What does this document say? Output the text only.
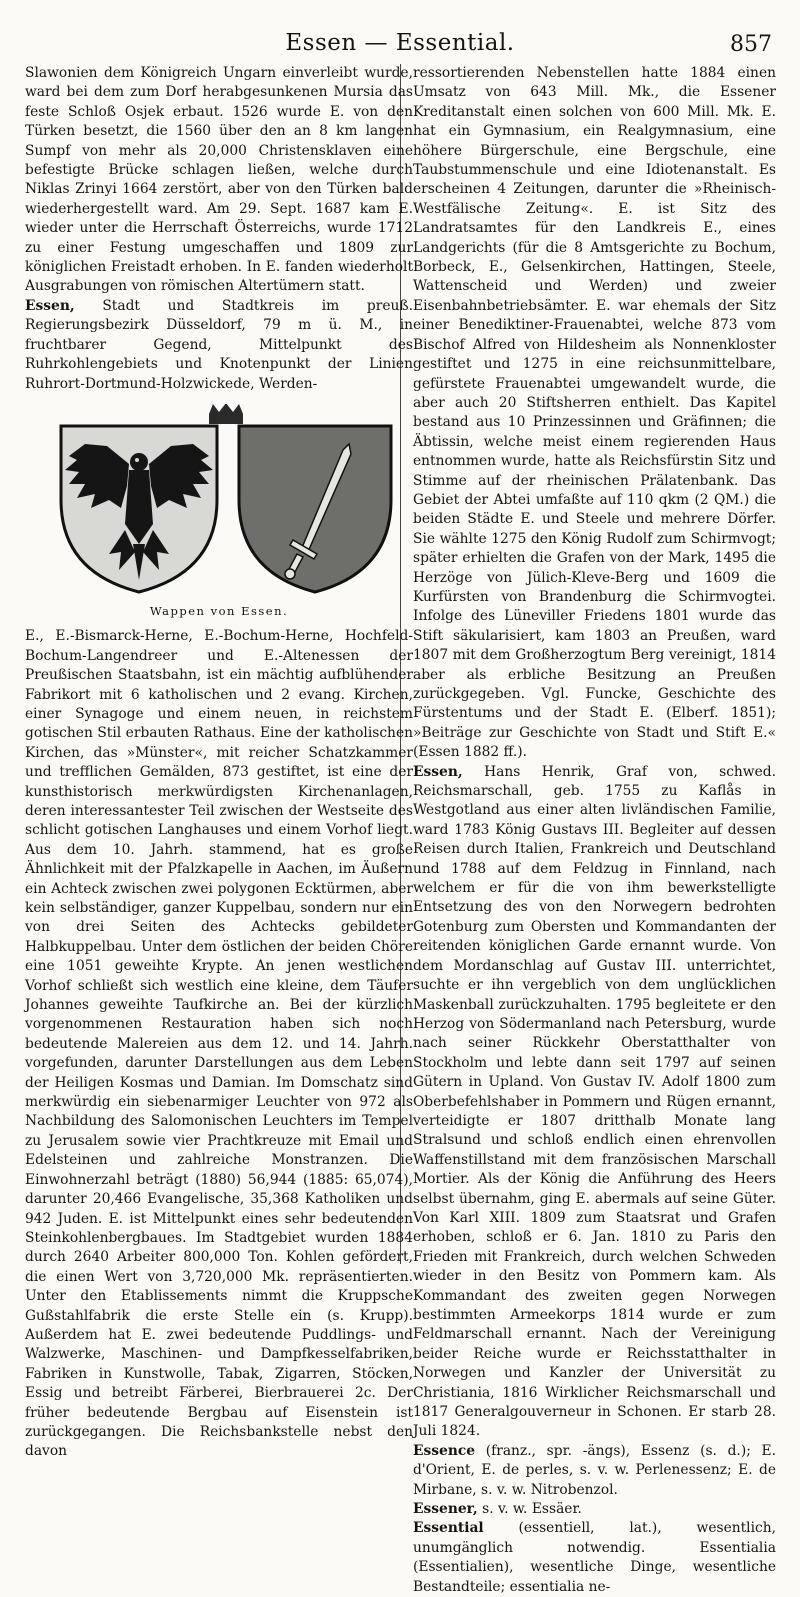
Essen — Essential.	857

Slawonien dem Königreich Ungarn einverleibt wurde, ward bei dem zum Dorf herabgesunkenen Mursia das feste Schloß Osjek erbaut. 1526 wurde E. von den Türken besetzt, die 1560 über den an 8 km langen Sumpf von mehr als 20,000 Christensklaven eine befestigte Brücke schlagen ließen, welche durch Niklas Zrinyi 1664 zerstört, aber von den Türken bald wiederhergestellt ward. Am 29. Sept. 1687 kam E. wieder unter die Herrschaft Österreichs, wurde 1712 zu einer Festung umgeschaffen und 1809 zur königlichen Freistadt erhoben. In E. fanden wiederholt Ausgrabungen von römischen Altertümern statt.

Essen, Stadt und Stadtkreis im preuß. Regierungsbezirk Düsseldorf, 79 m ü. M., in fruchtbarer Gegend, Mittelpunkt des Ruhrkohlengebiets und Knotenpunkt der Linien Ruhrort-Dortmund-Holzwickede, Werden-

Wappen von Essen.

E., E.-Bismarck-Herne, E.-Bochum-Herne, Hochfeld-Bochum-Langendreer und E.-Altenessen der Preußischen Staatsbahn, ist ein mächtig aufblühender Fabrikort mit 6 katholischen und 2 evang. Kirchen, einer Synagoge und einem neuen, in reichstem gotischen Stil erbauten Rathaus. Eine der katholischen Kirchen, das »Münster«, mit reicher Schatzkammer und trefflichen Gemälden, 873 gestiftet, ist eine der kunsthistorisch merkwürdigsten Kirchenanlagen, deren interessantester Teil zwischen der Westseite des schlicht gotischen Langhauses und einem Vorhof liegt. Aus dem 10. Jahrh. stammend, hat es große Ähnlichkeit mit der Pfalzkapelle in Aachen, im Äußern ein Achteck zwischen zwei polygonen Ecktürmen, aber kein selbständiger, ganzer Kuppelbau, sondern nur ein von drei Seiten des Achtecks gebildeter Halbkuppelbau. Unter dem östlichen der beiden Chöre eine 1051 geweihte Krypte. An jenen westlichen Vorhof schließt sich westlich eine kleine, dem Täufer Johannes geweihte Taufkirche an. Bei der kürzlich vorgenommenen Restauration haben sich noch bedeutende Malereien aus dem 12. und 14. Jahrh. vorgefunden, darunter Darstellungen aus dem Leben der Heiligen Kosmas und Damian. Im Domschatz sind merkwürdig ein siebenarmiger Leuchter von 972 als Nachbildung des Salomonischen Leuchters im Tempel zu Jerusalem sowie vier Prachtkreuze mit Email und Edelsteinen und zahlreiche Monstranzen. Die Einwohnerzahl beträgt (1880) 56,944 (1885: 65,074), darunter 20,466 Evangelische, 35,368 Katholiken und 942 Juden. E. ist Mittelpunkt eines sehr bedeutenden Steinkohlenbergbaues. Im Stadtgebiet wurden 1884 durch 2640 Arbeiter 800,000 Ton. Kohlen gefördert, die einen Wert von 3,720,000 Mk. repräsentierten. Unter den Etablissements nimmt die Kruppsche Gußstahlfabrik die erste Stelle ein (s. Krupp). Außerdem hat E. zwei bedeutende Puddlings- und Walzwerke, Maschinen- und Dampfkesselfabriken, Fabriken in Kunstwolle, Tabak, Zigarren, Stöcken, Essig und betreibt Färberei, Bierbrauerei 2c. Der früher bedeutende Bergbau auf Eisenstein ist zurückgegangen. Die Reichsbankstelle nebst den davon

ressortierenden Nebenstellen hatte 1884 einen Umsatz von 643 Mill. Mk., die Essener Kreditanstalt einen solchen von 600 Mill. Mk. E. hat ein Gymnasium, ein Realgymnasium, eine höhere Bürgerschule, eine Bergschule, eine Taubstummenschule und eine Idiotenanstalt. Es erscheinen 4 Zeitungen, darunter die »Rheinisch-Westfälische Zeitung«. E. ist Sitz des Landratsamtes für den Landkreis E., eines Landgerichts (für die 8 Amtsgerichte zu Bochum, Borbeck, E., Gelsenkirchen, Hattingen, Steele, Wattenscheid und Werden) und zweier Eisenbahnbetriebsämter. E. war ehemals der Sitz einer Benediktiner-Frauenabtei, welche 873 vom Bischof Alfred von Hildesheim als Nonnenkloster gestiftet und 1275 in eine reichsunmittelbare, gefürstete Frauenabtei umgewandelt wurde, die aber auch 20 Stiftsherren enthielt. Das Kapitel bestand aus 10 Prinzessinnen und Gräfinnen; die Äbtissin, welche meist einem regierenden Haus entnommen wurde, hatte als Reichsfürstin Sitz und Stimme auf der rheinischen Prälatenbank. Das Gebiet der Abtei umfaßte auf 110 qkm (2 QM.) die beiden Städte E. und Steele und mehrere Dörfer. Sie wählte 1275 den König Rudolf zum Schirmvogt; später erhielten die Grafen von der Mark, 1495 die Herzöge von Jülich-Kleve-Berg und 1609 die Kurfürsten von Brandenburg die Schirmvogtei. Infolge des Lüneviller Friedens 1801 wurde das Stift säkularisiert, kam 1803 an Preußen, ward 1807 mit dem Großherzogtum Berg vereinigt, 1814 aber als erbliche Besitzung an Preußen zurückgegeben. Vgl. Funcke, Geschichte des Fürstentums und der Stadt E. (Elberf. 1851); »Beiträge zur Geschichte von Stadt und Stift E.« (Essen 1882 ff.).

Essen, Hans Henrik, Graf von, schwed. Reichsmarschall, geb. 1755 zu Kaflås in Westgotland aus einer alten livländischen Familie, ward 1783 König Gustavs III. Begleiter auf dessen Reisen durch Italien, Frankreich und Deutschland und 1788 auf dem Feldzug in Finnland, nach welchem er für die von ihm bewerkstelligte Entsetzung des von den Norwegern bedrohten Gotenburg zum Obersten und Kommandanten der reitenden königlichen Garde ernannt wurde. Von dem Mordanschlag auf Gustav III. unterrichtet, suchte er ihn vergeblich von dem unglücklichen Maskenball zurückzuhalten. 1795 begleitete er den Herzog von Södermanland nach Petersburg, wurde nach seiner Rückkehr Oberstatthalter von Stockholm und lebte dann seit 1797 auf seinen Gütern in Upland. Von Gustav IV. Adolf 1800 zum Oberbefehlshaber in Pommern und Rügen ernannt, verteidigte er 1807 dritthalb Monate lang Stralsund und schloß endlich einen ehrenvollen Waffenstillstand mit dem französischen Marschall Mortier. Als der König die Anführung des Heers selbst übernahm, ging E. abermals auf seine Güter. Von Karl XIII. 1809 zum Staatsrat und Grafen erhoben, schloß er 6. Jan. 1810 zu Paris den Frieden mit Frankreich, durch welchen Schweden wieder in den Besitz von Pommern kam. Als Kommandant des zweiten gegen Norwegen bestimmten Armeekorps 1814 wurde er zum Feldmarschall ernannt. Nach der Vereinigung beider Reiche wurde er Reichsstatthalter in Norwegen und Kanzler der Universität zu Christiania, 1816 Wirklicher Reichsmarschall und 1817 Generalgouverneur in Schonen. Er starb 28. Juli 1824.

Essence (franz., spr. -ängs), Essenz (s. d.); E. d'Orient, E. de perles, s. v. w. Perlenessenz; E. de Mirbane, s. v. w. Nitrobenzol.

Essener, s. v. w. Essäer.

Essential	(essentiell, lat.), wesentlich, unumgänglich notwendig. Essentialia (Essentialien), wesentliche Dinge, wesentliche Bestandteile; essentialia ne-
